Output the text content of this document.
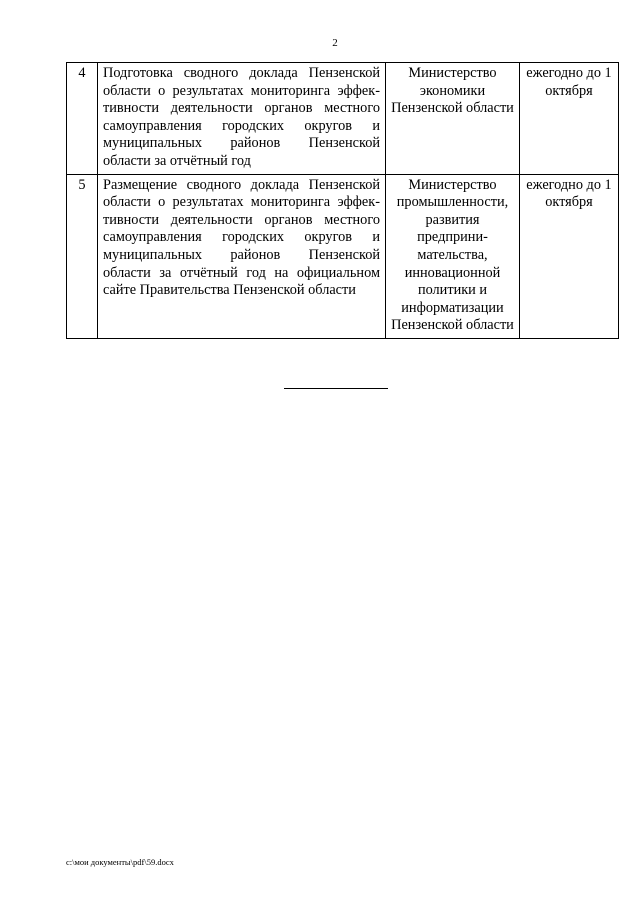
2
4	Подготовка сводного доклада Пензенской области о результатах мониторинга эффективности деятельности органов местного самоуправления городских округов и муниципальных районов Пензенской области за отчётный год	Министерство экономики Пензенской области	ежегодно до 1 октября
5	Размещение сводного доклада Пензенской области о результатах мониторинга эффективности деятельности органов местного самоуправления городских округов и муниципальных районов Пензенской области за отчётный год на официальном сайте Правительства Пензенской области	Министерство промышленности, развития предпринимательства, инновационной политики и информатизации Пензенской области	ежегодно до 1 октября
c:\мои документы\pdf\59.docx
